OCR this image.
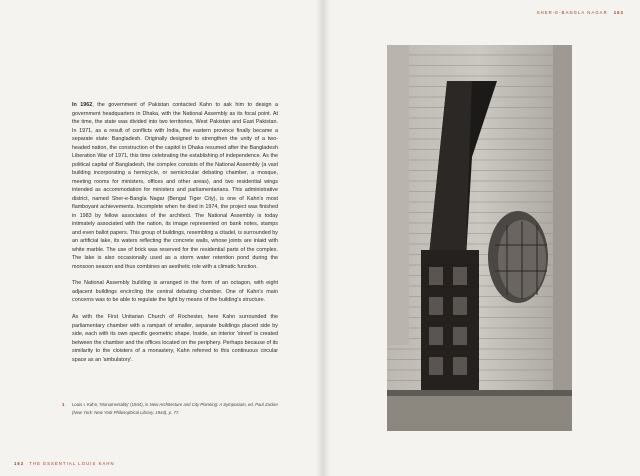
SHER-E-BANGLA NAGAR 163

In 1962, the government of Pakistan contacted Kahn to ask him to design a government headquarters in Dhaka, with the National Assembly as its focal point. At the time, the state was divided into two territories, West Pakistan and East Pakistan. In 1971, as a result of conflicts with India, the eastern province finally became a separate state: Bangladesh. Originally designed to strengthen the unity of a two-headed nation, the construction of the capitol in Dhaka resumed after the Bangladesh Liberation War of 1971, this time celebrating the establishing of independence. As the political capital of Bangladesh, the complex consists of the National Assembly (a vast building incorporating a hemicycle, or semicircular debating chamber, a mosque, meeting rooms for ministers, offices and other areas), and two residential wings intended as accommodation for ministers and parliamentarians. This administrative district, named Sher-e-Bangla Nagar (Bengal Tiger City), is one of Kahn's most flamboyant achievements. Incomplete when he died in 1974, the project was finished in 1983 by fellow associates of the architect. The National Assembly is today intimately associated with the nation, its image represented on bank notes, stamps and even ballot papers. This group of buildings, resembling a citadel, is surrounded by an artificial lake, its waters reflecting the concrete walls, whose joints are inlaid with white marble. The use of brick was reserved for the residential parts of the complex. The lake is also occasionally used as a storm water retention pond during the monsoon season and thus combines an aesthetic role with a climatic function.

The National Assembly building is arranged in the form of an octagon, with eight adjacent buildings encircling the central debating chamber. One of Kahn's main concerns was to be able to regulate the light by means of the building's structure.

As with the First Unitarian Church of Rochester, here Kahn surrounded the parliamentary chamber with a rampart of smaller, separate buildings placed side by side, each with its own specific geometric shape. Inside, an interior 'street' is created between the chamber and the offices located on the periphery. Perhaps because of its similarity to the cloisters of a monastery, Kahn referred to this continuous circular space as an 'ambulatory'.

1 Louis I. Kahn, 'Monumentality' (1944), in New Architecture and City Planning: A Symposium, ed. Paul Zucker (New York: New York Philosophical Library, 1944), p. 77.
162 THE ESSENTIAL LOUIS KAHN
